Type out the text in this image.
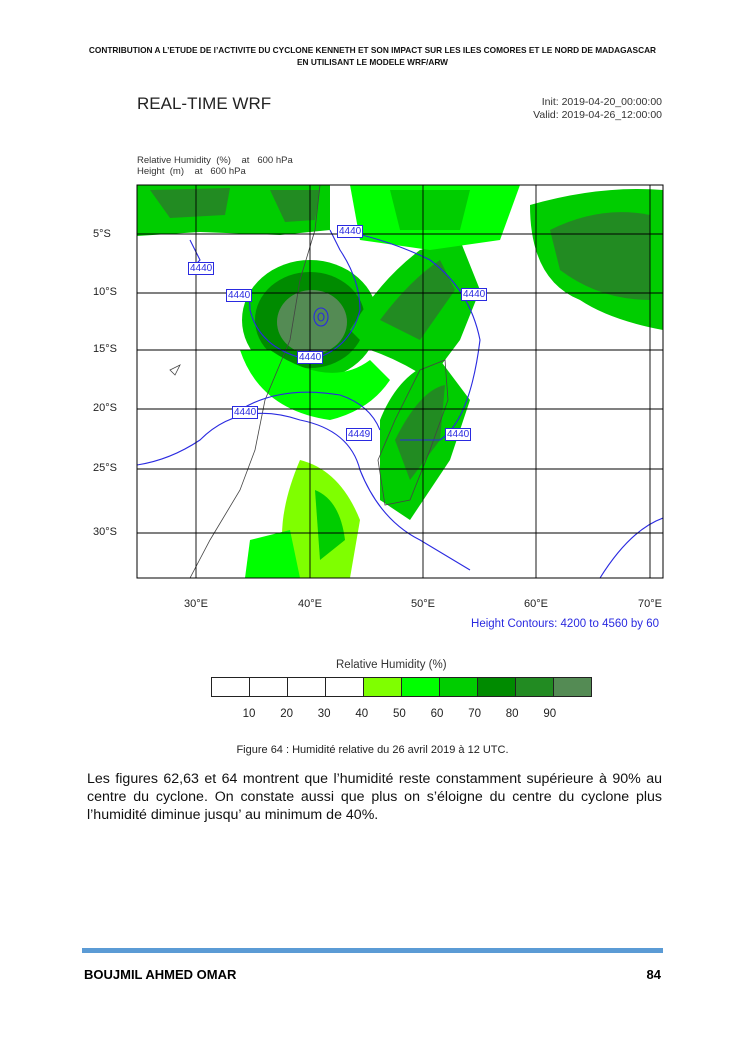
CONTRIBUTION A L’ETUDE DE l’ACTIVITE DU CYCLONE KENNETH ET SON IMPACT SUR LES ILES COMORES ET LE NORD DE MADAGASCAR
EN UTILISANT LE MODELE WRF/ARW
REAL-TIME WRF	Init: 2019-04-20_00:00:00
Valid: 2019-04-26_12:00:00
Relative Humidity  (%)    at   600 hPa
Height  (m)    at   600 hPa
4440
4440
4440	4440
4440
4440
4449	4440
5°S
10°S
15°S
20°S
25°S
30°S
30°E	40°E	50°E	60°E	70°E
Height Contours: 4200 to 4560 by 60
Relative Humidity (%)
10 20 30 40 50 60 70 80 90
Figure 64 : Humidité relative du 26 avril 2019 à 12 UTC.
Les figures 62,63 et 64 montrent que l’humidité reste constamment supérieure à 90% au centre du cyclone. On constate aussi que plus on s’éloigne du centre du cyclone plus l’humidité diminue jusqu’ au minimum de 40%.
BOUJMIL AHMED OMAR	84
